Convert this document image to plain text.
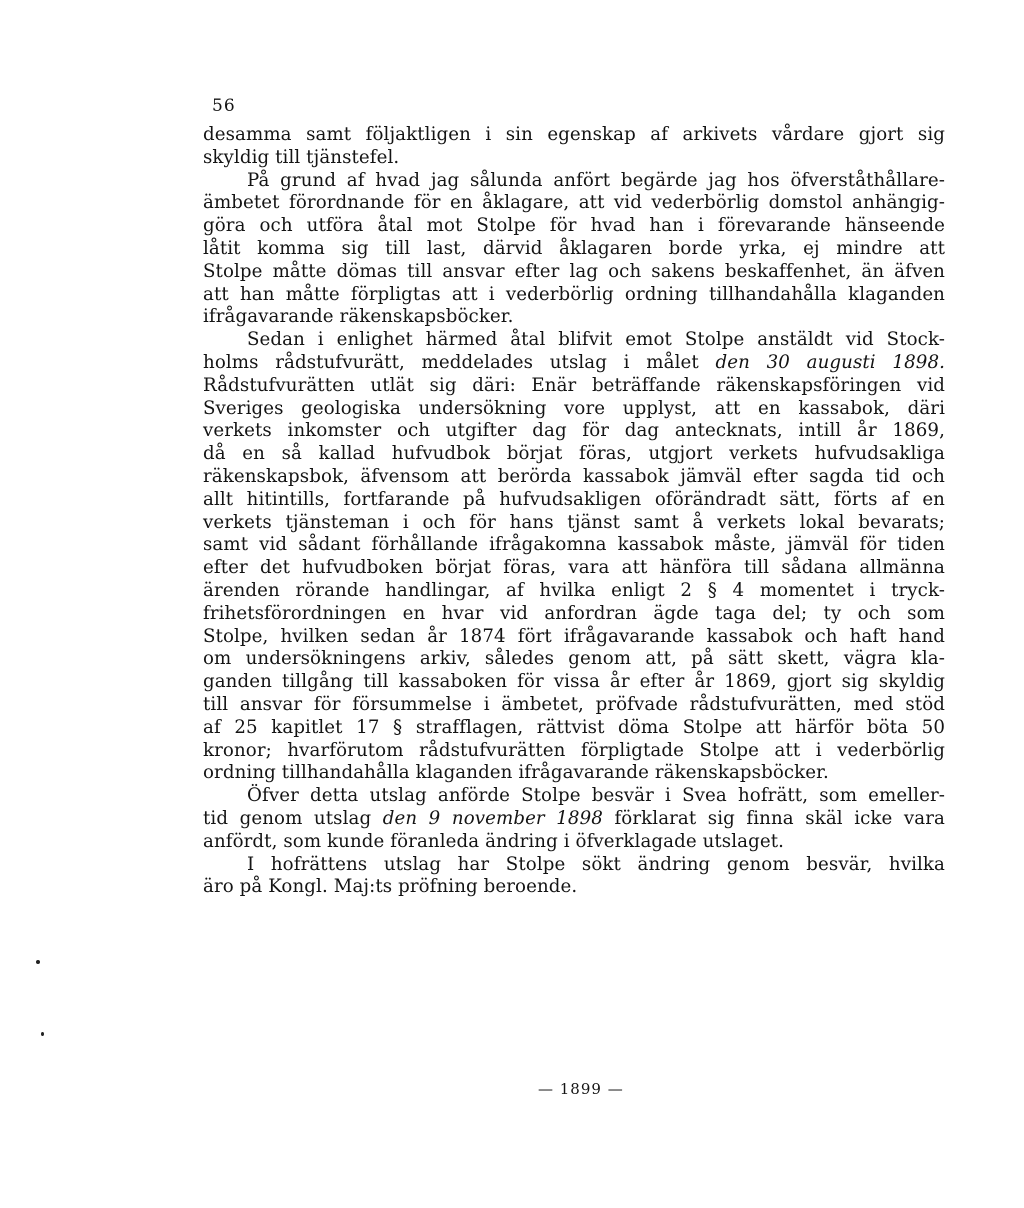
56
desamma samt följaktligen i sin egenskap af arkivets vårdare gjort sig
skyldig till tjänstefel.
På grund af hvad jag sålunda anfört begärde jag hos öfverståthållare-
ämbetet förordnande för en åklagare, att vid vederbörlig domstol anhängig-
göra och utföra åtal mot Stolpe för hvad han i förevarande hänseende
låtit komma sig till last, därvid åklagaren borde yrka, ej mindre att
Stolpe måtte dömas till ansvar efter lag och sakens beskaffenhet, än äfven
att han måtte förpligtas att i vederbörlig ordning tillhandahålla klaganden
ifrågavarande räkenskapsböcker.
Sedan i enlighet härmed åtal blifvit emot Stolpe anstäldt vid Stock-
holms rådstufvurätt, meddelades utslag i målet den 30 augusti 1898.
Rådstufvurätten utlät sig däri: Enär beträffande räkenskapsföringen vid
Sveriges geologiska undersökning vore upplyst, att en kassabok, däri
verkets inkomster och utgifter dag för dag antecknats, intill år 1869,
då en så kallad hufvudbok börjat föras, utgjort verkets hufvudsakliga
räkenskapsbok, äfvensom att berörda kassabok jämväl efter sagda tid och
allt hitintills, fortfarande på hufvudsakligen oförändradt sätt, förts af en
verkets tjänsteman i och för hans tjänst samt å verkets lokal bevarats;
samt vid sådant förhållande ifrågakomna kassabok måste, jämväl för tiden
efter det hufvudboken börjat föras, vara att hänföra till sådana allmänna
ärenden rörande handlingar, af hvilka enligt 2 § 4 momentet i tryck-
frihetsförordningen en hvar vid anfordran ägde taga del; ty och som
Stolpe, hvilken sedan år 1874 fört ifrågavarande kassabok och haft hand
om undersökningens arkiv, således genom att, på sätt skett, vägra kla-
ganden tillgång till kassaboken för vissa år efter år 1869, gjort sig skyldig
till ansvar för försummelse i ämbetet, pröfvade rådstufvurätten, med stöd
af 25 kapitlet 17 § strafflagen, rättvist döma Stolpe att härför böta 50
kronor; hvarförutom rådstufvurätten förpligtade Stolpe att i vederbörlig
ordning tillhandahålla klaganden ifrågavarande räkenskapsböcker.
Öfver detta utslag anförde Stolpe besvär i Svea hofrätt, som emeller-
tid genom utslag den 9 november 1898 förklarat sig finna skäl icke vara
anfördt, som kunde föranleda ändring i öfverklagade utslaget.
I hofrättens utslag har Stolpe sökt ändring genom besvär, hvilka
äro på Kongl. Maj:ts pröfning beroende.
— 1899 —
